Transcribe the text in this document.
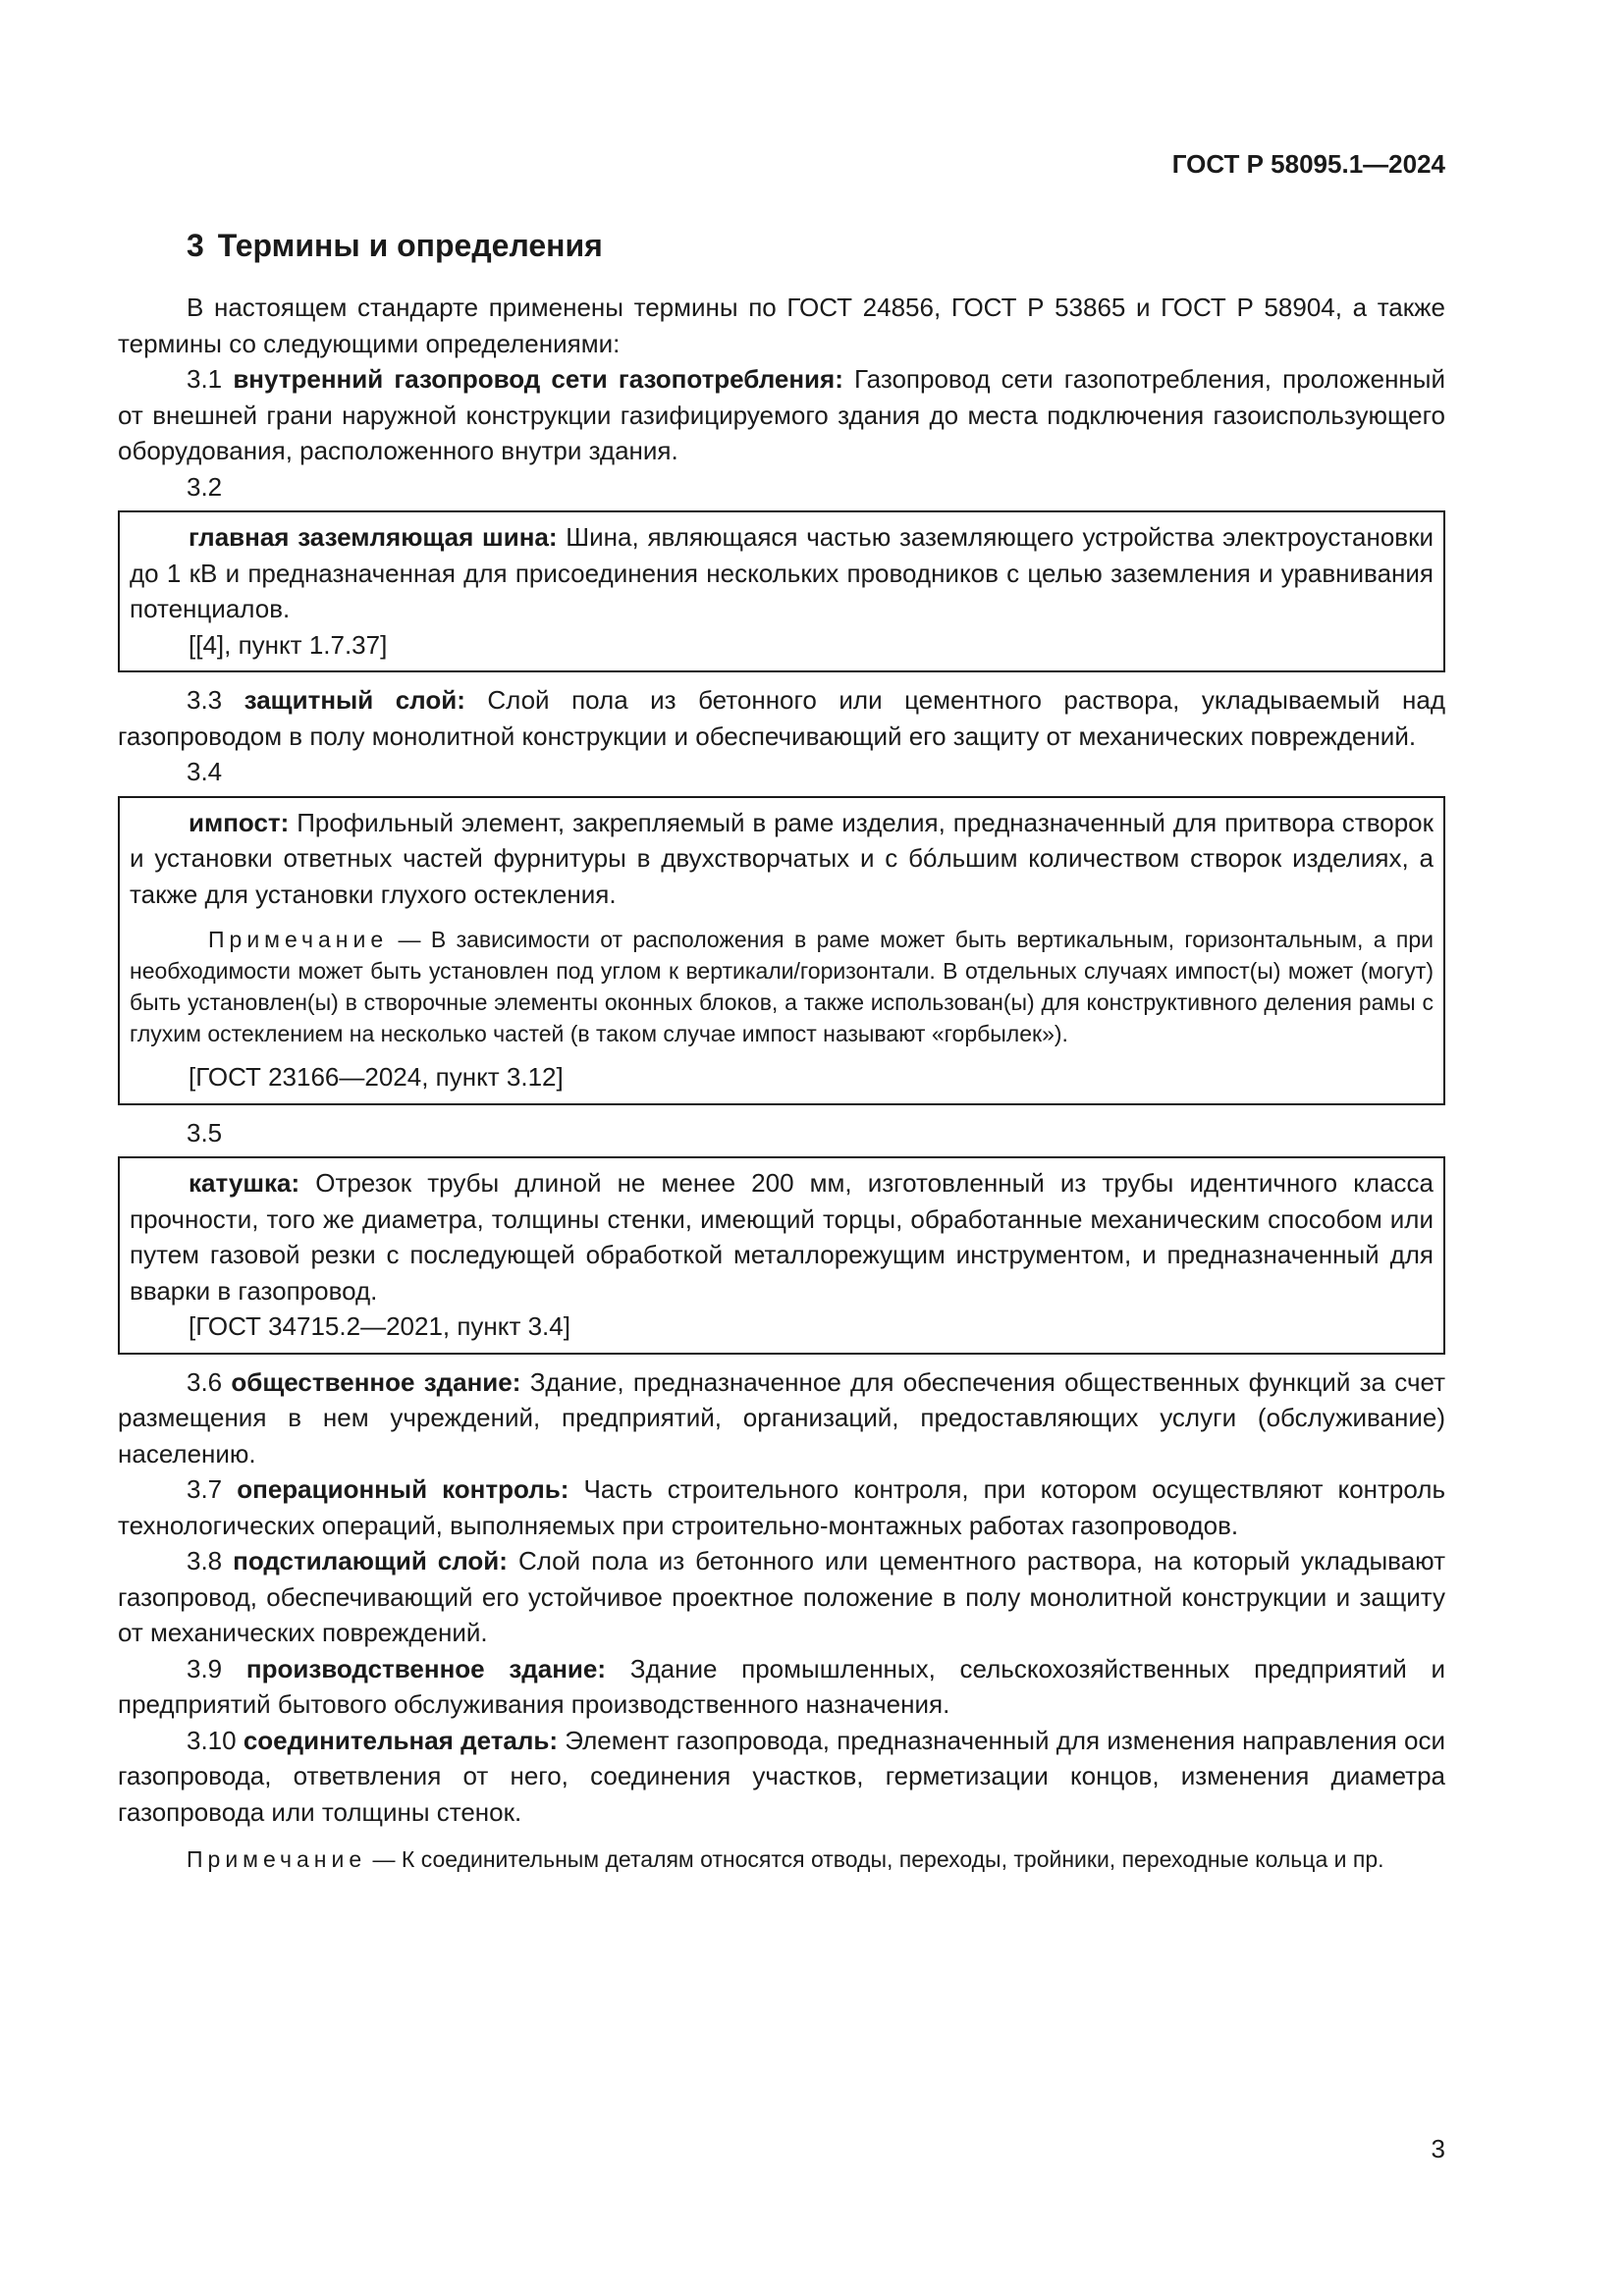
ГОСТ Р 58095.1—2024
3 Термины и определения

В настоящем стандарте применены термины по ГОСТ 24856, ГОСТ Р 53865 и ГОСТ Р 58904, а также термины со следующими определениями:

3.1 внутренний газопровод сети газопотребления: Газопровод сети газопотребления, проложенный от внешней грани наружной конструкции газифицируемого здания до места подключения газоиспользующего оборудования, расположенного внутри здания.

3.2

главная заземляющая шина: Шина, являющаяся частью заземляющего устройства электроустановки до 1 кВ и предназначенная для присоединения нескольких проводников с целью заземления и уравнивания потенциалов.

[[4], пункт 1.7.37]

3.3 защитный слой: Слой пола из бетонного или цементного раствора, укладываемый над газопроводом в полу монолитной конструкции и обеспечивающий его защиту от механических повреждений.

3.4

импост: Профильный элемент, закрепляемый в раме изделия, предназначенный для притвора створок и установки ответных частей фурнитуры в двухстворчатых и с бóльшим количеством створок изделиях, а также для установки глухого остекления.

Примечание — В зависимости от расположения в раме может быть вертикальным, горизонтальным, а при необходимости может быть установлен под углом к вертикали/горизонтали. В отдельных случаях импост(ы) может (могут) быть установлен(ы) в створочные элементы оконных блоков, а также использован(ы) для конструктивного деления рамы с глухим остеклением на несколько частей (в таком случае импост называют «горбылек»).

[ГОСТ 23166—2024, пункт 3.12]
3.5

катушка: Отрезок трубы длиной не менее 200 мм, изготовленный из трубы идентичного класса прочности, того же диаметра, толщины стенки, имеющий торцы, обработанные механическим способом или путем газовой резки с последующей обработкой металлорежущим инструментом, и предназначенный для вварки в газопровод.

[ГОСТ 34715.2—2021, пункт 3.4]

3.6 общественное здание: Здание, предназначенное для обеспечения общественных функций за счет размещения в нем учреждений, предприятий, организаций, предоставляющих услуги (обслуживание) населению.

3.7 операционный контроль: Часть строительного контроля, при котором осуществляют контроль технологических операций, выполняемых при строительно-монтажных работах газопроводов.

3.8 подстилающий слой: Слой пола из бетонного или цементного раствора, на который укладывают газопровод, обеспечивающий его устойчивое проектное положение в полу монолитной конструкции и защиту от механических повреждений.

3.9 производственное здание: Здание промышленных, сельскохозяйственных предприятий и предприятий бытового обслуживания производственного назначения.

3.10 соединительная деталь: Элемент газопровода, предназначенный для изменения направления оси газопровода, ответвления от него, соединения участков, герметизации концов, изменения диаметра газопровода или толщины стенок.

Примечание — К соединительным деталям относятся отводы, переходы, тройники, переходные кольца и пр.

3
